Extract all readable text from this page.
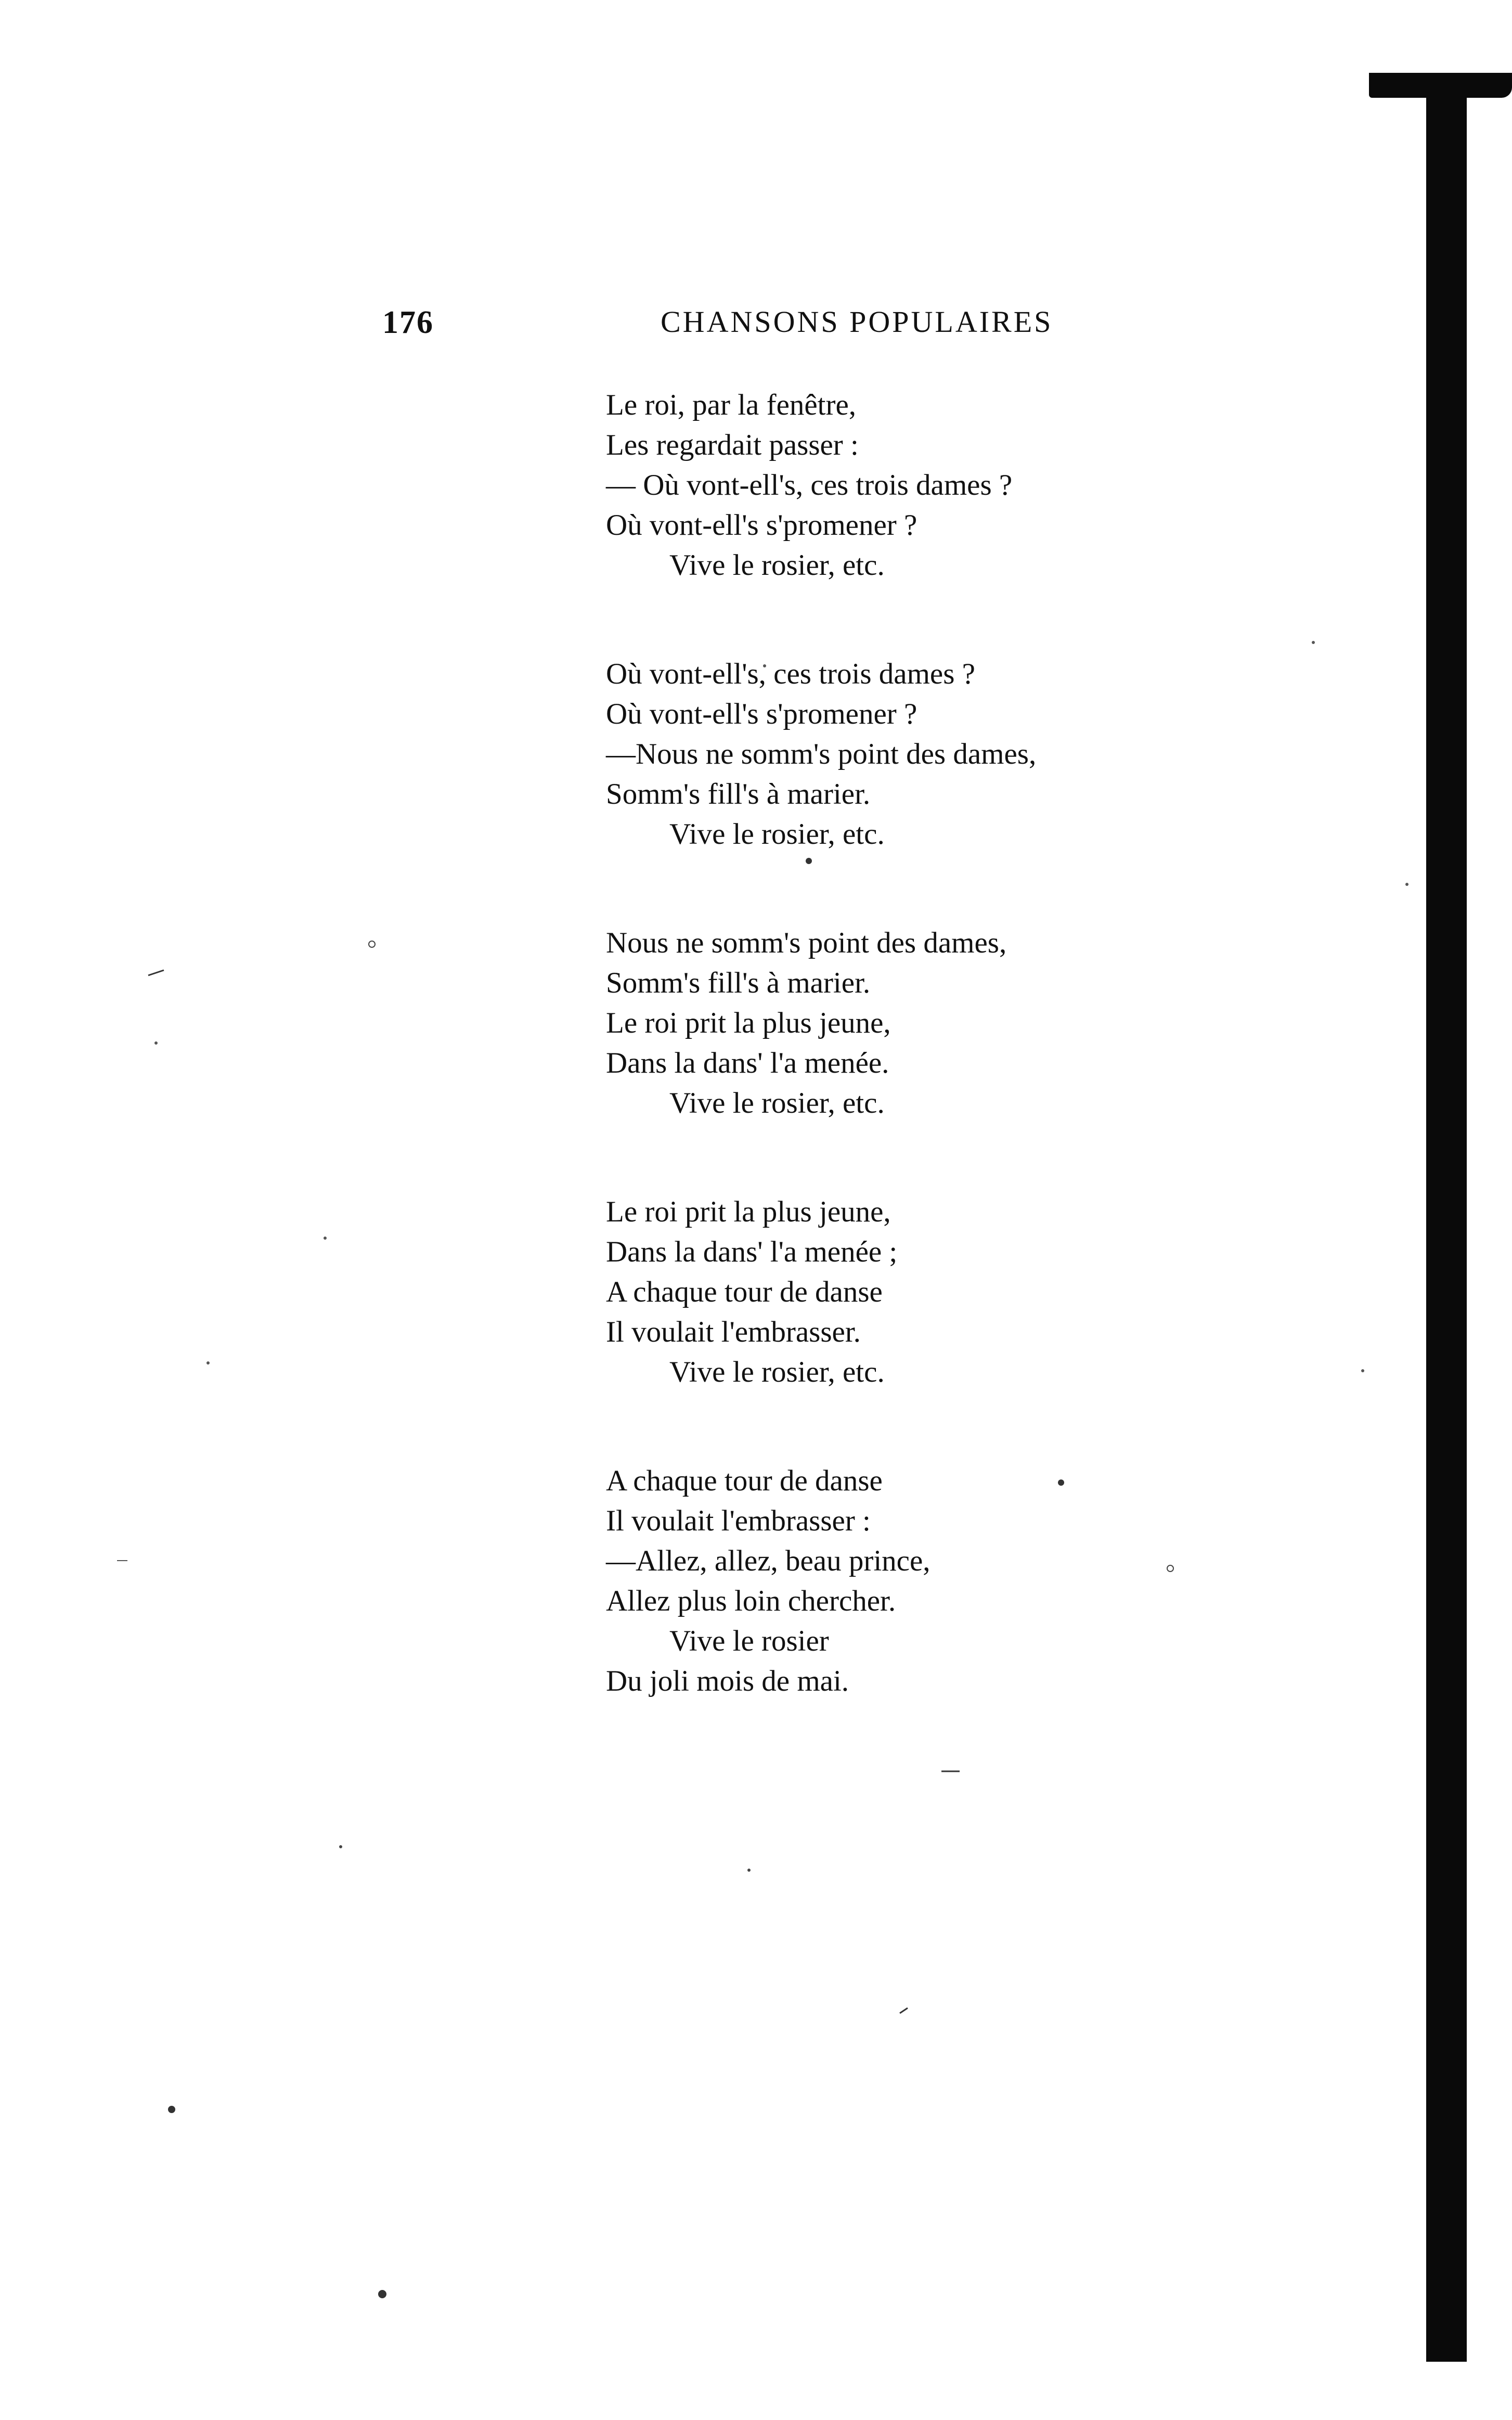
176	CHANSONS POPULAIRES
Le roi, par la fenêtre,
Les regardait passer :
— Où vont-ell's, ces trois dames ?
Où vont-ell's s'promener ?
Vive le rosier, etc.
Où vont-ell's, ces trois dames ?
Où vont-ell's s'promener ?
—Nous ne somm's point des dames,
Somm's fill's à marier.
Vive le rosier, etc.
Nous ne somm's point des dames,
Somm's fill's à marier.
Le roi prit la plus jeune,
Dans la dans' l'a menée.
Vive le rosier, etc.
Le roi prit la plus jeune,
Dans la dans' l'a menée ;
A chaque tour de danse
Il voulait l'embrasser.
Vive le rosier, etc.
A chaque tour de danse
Il voulait l'embrasser :
—Allez, allez, beau prince,
Allez plus loin chercher.
Vive le rosier
Du joli mois de mai.
